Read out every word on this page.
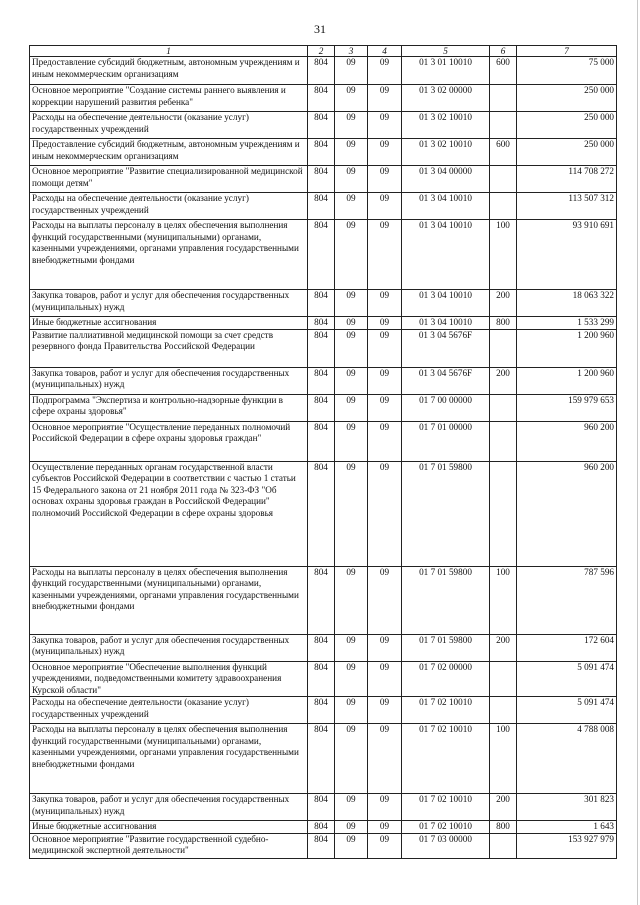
31
1	2	3	4	5	6	7
Предоставление субсидий бюджетным, автономным учреждениям и иным некоммерческим организациям	804	09	09	01 3 01 10010	600	75 000
Основное мероприятие "Создание системы раннего выявления и коррекции нарушений развития ребенка"	804	09	09	01 3 02 00000		250 000
Расходы на обеспечение деятельности (оказание услуг) государственных учреждений	804	09	09	01 3 02 10010		250 000
Предоставление субсидий бюджетным, автономным учреждениям и иным некоммерческим организациям	804	09	09	01 3 02 10010	600	250 000
Основное мероприятие "Развитие специализированной медицинской помощи детям"	804	09	09	01 3 04 00000		114 708 272
Расходы на обеспечение деятельности (оказание услуг) государственных учреждений	804	09	09	01 3 04 10010		113 507 312
Расходы на выплаты персоналу в целях обеспечения выполнения функций государственными (муниципальными) органами, казенными учреждениями, органами управления государственными внебюджетными фондами	804	09	09	01 3 04 10010	100	93 910 691
Закупка товаров, работ и услуг для обеспечения государственных (муниципальных) нужд	804	09	09	01 3 04 10010	200	18 063 322
Иные бюджетные ассигнования	804	09	09	01 3 04 10010	800	1 533 299
Развитие паллиативной медицинской помощи за счет средств резервного фонда Правительства Российской Федерации	804	09	09	01 3 04 5676F		1 200 960
Закупка товаров, работ и услуг для обеспечения государственных (муниципальных) нужд	804	09	09	01 3 04 5676F	200	1 200 960
Подпрограмма "Экспертиза и контрольно-надзорные функции в сфере охраны здоровья"	804	09	09	01 7 00 00000		159 979 653
Основное мероприятие "Осуществление переданных полномочий Российской Федерации в сфере охраны здоровья граждан"	804	09	09	01 7 01 00000		960 200
Осуществление переданных органам государственной власти субъектов Российской Федерации в соответствии с частью 1 статьи 15 Федерального закона от 21 ноября 2011 года № 323-ФЗ "Об основах охраны здоровья граждан в Российской Федерации" полномочий Российской Федерации в сфере охраны здоровья	804	09	09	01 7 01 59800		960 200
Расходы на выплаты персоналу в целях обеспечения выполнения функций государственными (муниципальными) органами, казенными учреждениями, органами управления государственными внебюджетными фондами	804	09	09	01 7 01 59800	100	787 596
Закупка товаров, работ и услуг для обеспечения государственных (муниципальных) нужд	804	09	09	01 7 01 59800	200	172 604
Основное мероприятие "Обеспечение выполнения функций учреждениями, подведомственными комитету здравоохранения Курской области"	804	09	09	01 7 02 00000		5 091 474
Расходы на обеспечение деятельности (оказание услуг) государственных учреждений	804	09	09	01 7 02 10010		5 091 474
Расходы на выплаты персоналу в целях обеспечения выполнения функций государственными (муниципальными) органами, казенными учреждениями, органами управления государственными внебюджетными фондами	804	09	09	01 7 02 10010	100	4 788 008
Закупка товаров, работ и услуг для обеспечения государственных (муниципальных) нужд	804	09	09	01 7 02 10010	200	301 823
Иные бюджетные ассигнования	804	09	09	01 7 02 10010	800	1 643
Основное мероприятие "Развитие государственной судебно-медицинской экспертной деятельности"	804	09	09	01 7 03 00000		153 927 979
